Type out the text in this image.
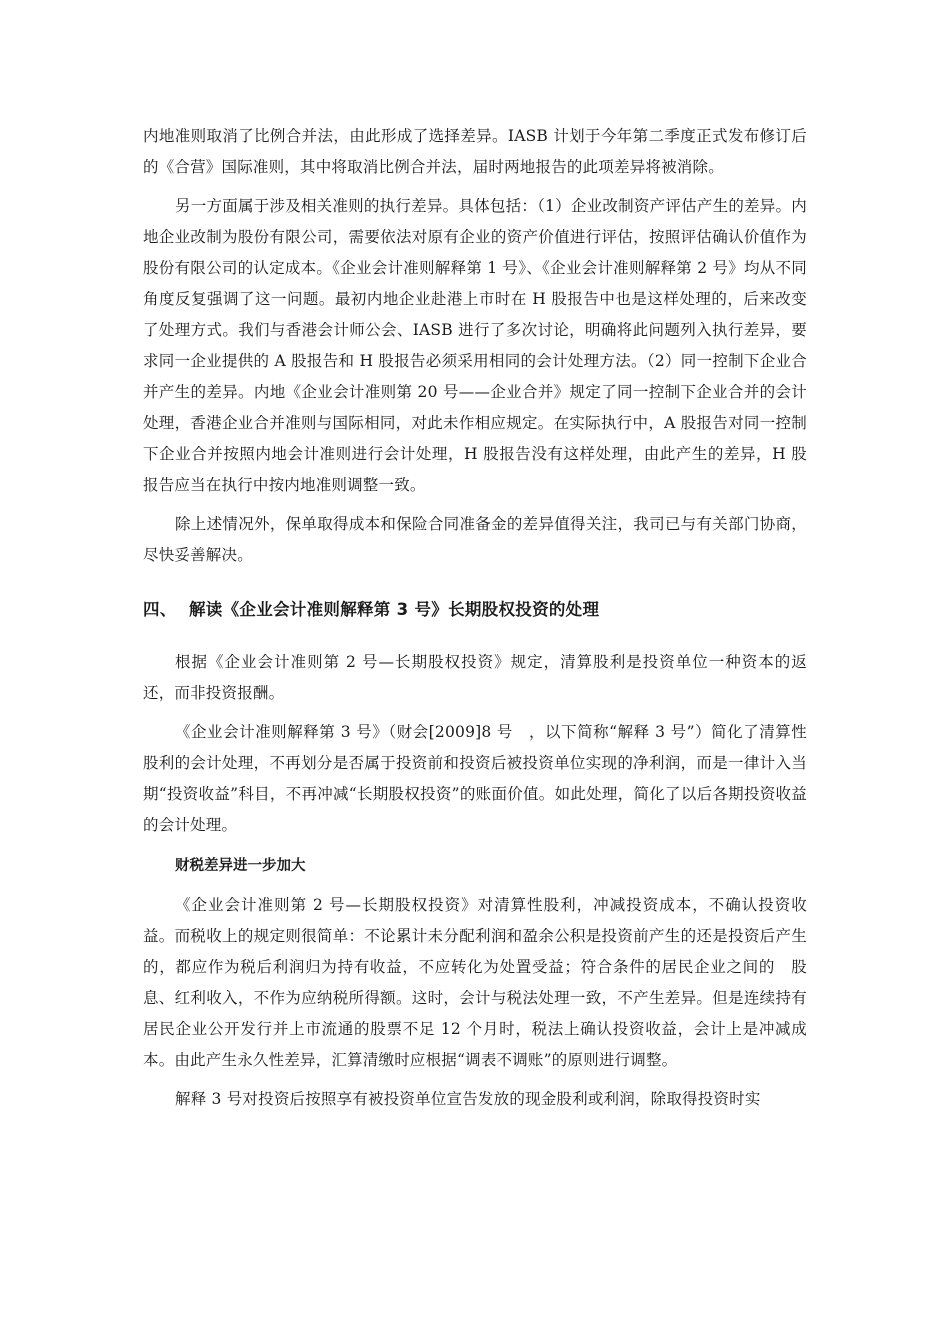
内地准则取消了比例合并法，由此形成了选择差异。IASB 计划于今年第二季度正式发布修订后的《合营》国际准则，其中将取消比例合并法，届时两地报告的此项差异将被消除。

另一方面属于涉及相关准则的执行差异。具体包括：（1）企业改制资产评估产生的差异。内地企业改制为股份有限公司，需要依法对原有企业的资产价值进行评估，按照评估确认价值作为股份有限公司的认定成本。《企业会计准则解释第 1 号》、《企业会计准则解释第 2 号》均从不同角度反复强调了这一问题。最初内地企业赴港上市时在 H 股报告中也是这样处理的，后来改变了处理方式。我们与香港会计师公会、IASB 进行了多次讨论，明确将此问题列入执行差异，要求同一企业提供的 A 股报告和 H 股报告必须采用相同的会计处理方法。（2）同一控制下企业合并产生的差异。内地《企业会计准则第 20 号——企业合并》规定了同一控制下企业合并的会计处理，香港企业合并准则与国际相同，对此未作相应规定。在实际执行中，A 股报告对同一控制下企业合并按照内地会计准则进行会计处理，H 股报告没有这样处理，由此产生的差异，H 股报告应当在执行中按内地准则调整一致。

除上述情况外，保单取得成本和保险合同准备金的差异值得关注，我司已与有关部门协商，尽快妥善解决。

四、 解读《企业会计准则解释第 3 号》长期股权投资的处理

根据《企业会计准则第 2 号—长期股权投资》规定，清算股利是投资单位一种资本的返还，而非投资报酬。

《企业会计准则解释第 3 号》（财会[2009]8 号　，以下简称“解释 3 号”）简化了清算性股利的会计处理，不再划分是否属于投资前和投资后被投资单位实现的净利润，而是一律计入当期“投资收益”科目，不再冲减“长期股权投资”的账面价值。如此处理，简化了以后各期投资收益的会计处理。

财税差异进一步加大

《企业会计准则第 2 号—长期股权投资》对清算性股利，冲减投资成本，不确认投资收益。而税收上的规定则很简单：不论累计未分配利润和盈余公积是投资前产生的还是投资后产生的，都应作为税后利润归为持有收益，不应转化为处置受益；符合条件的居民企业之间的　股息、红利收入，不作为应纳税所得额。这时，会计与税法处理一致，不产生差异。但是连续持有居民企业公开发行并上市流通的股票不足 12 个月时，税法上确认投资收益，会计上是冲减成本。由此产生永久性差异，汇算清缴时应根据“调表不调账”的原则进行调整。

解释 3 号对投资后按照享有被投资单位宣告发放的现金股利或利润，除取得投资时实
